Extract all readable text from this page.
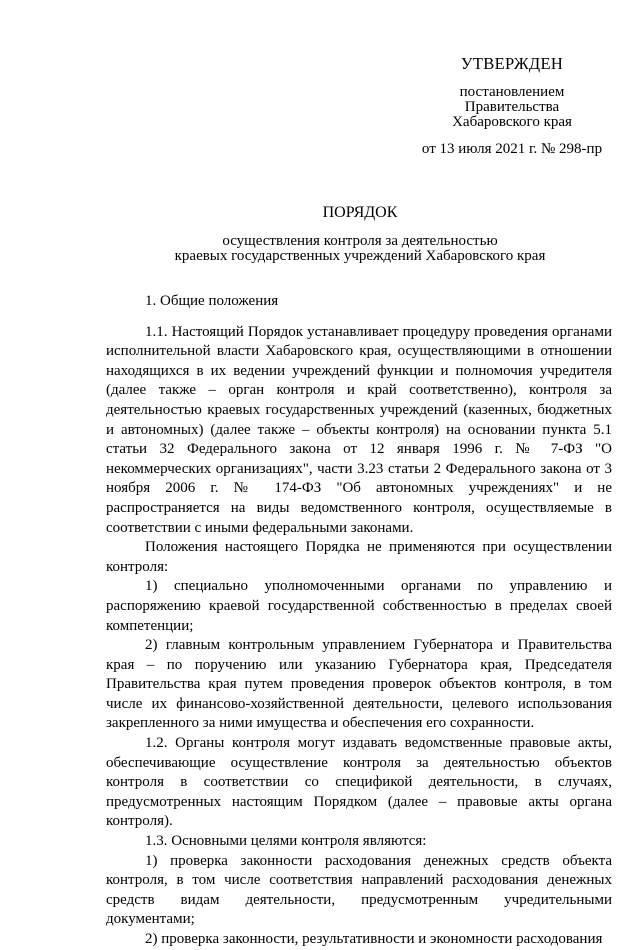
УТВЕРЖДЕН
постановлением
Правительства
Хабаровского края
от 13 июля 2021 г. № 298-пр
ПОРЯДОК
осуществления контроля за деятельностью
краевых государственных учреждений Хабаровского края

1. Общие положения

1.1. Настоящий Порядок устанавливает процедуру проведения органами исполнительной власти Хабаровского края, осуществляющими в отношении находящихся в их ведении учреждений функции и полномочия учредителя (далее также – орган контроля и край соответственно), контроля за деятельностью краевых государственных учреждений (казенных, бюджетных и автономных) (далее также – объекты контроля) на основании пункта 5.1 статьи 32 Федерального закона от 12 января 1996 г. № 7-ФЗ "О некоммерческих организациях", части 3.23 статьи 2 Федерального закона от 3 ноября 2006 г. № 174-ФЗ "Об автономных учреждениях" и не распространяется на виды ведомственного контроля, осуществляемые в соответствии с иными федеральными законами.

Положения настоящего Порядка не применяются при осуществлении контроля:

1) специально уполномоченными органами по управлению и распоряжению краевой государственной собственностью в пределах своей компетенции;

2) главным контрольным управлением Губернатора и Правительства края – по поручению или указанию Губернатора края, Председателя Правительства края путем проведения проверок объектов контроля, в том числе их финансово-хозяйственной деятельности, целевого использования закрепленного за ними имущества и обеспечения его сохранности.

1.2. Органы контроля могут издавать ведомственные правовые акты, обеспечивающие осуществление контроля за деятельностью объектов контроля в соответствии со спецификой деятельности, в случаях, предусмотренных настоящим Порядком (далее – правовые акты органа контроля).

1.3. Основными целями контроля являются:

1) проверка законности расходования денежных средств объекта контроля, в том числе соответствия направлений расходования денежных средств видам деятельности, предусмотренным учредительными документами;

2) проверка законности, результативности и экономности расходования
